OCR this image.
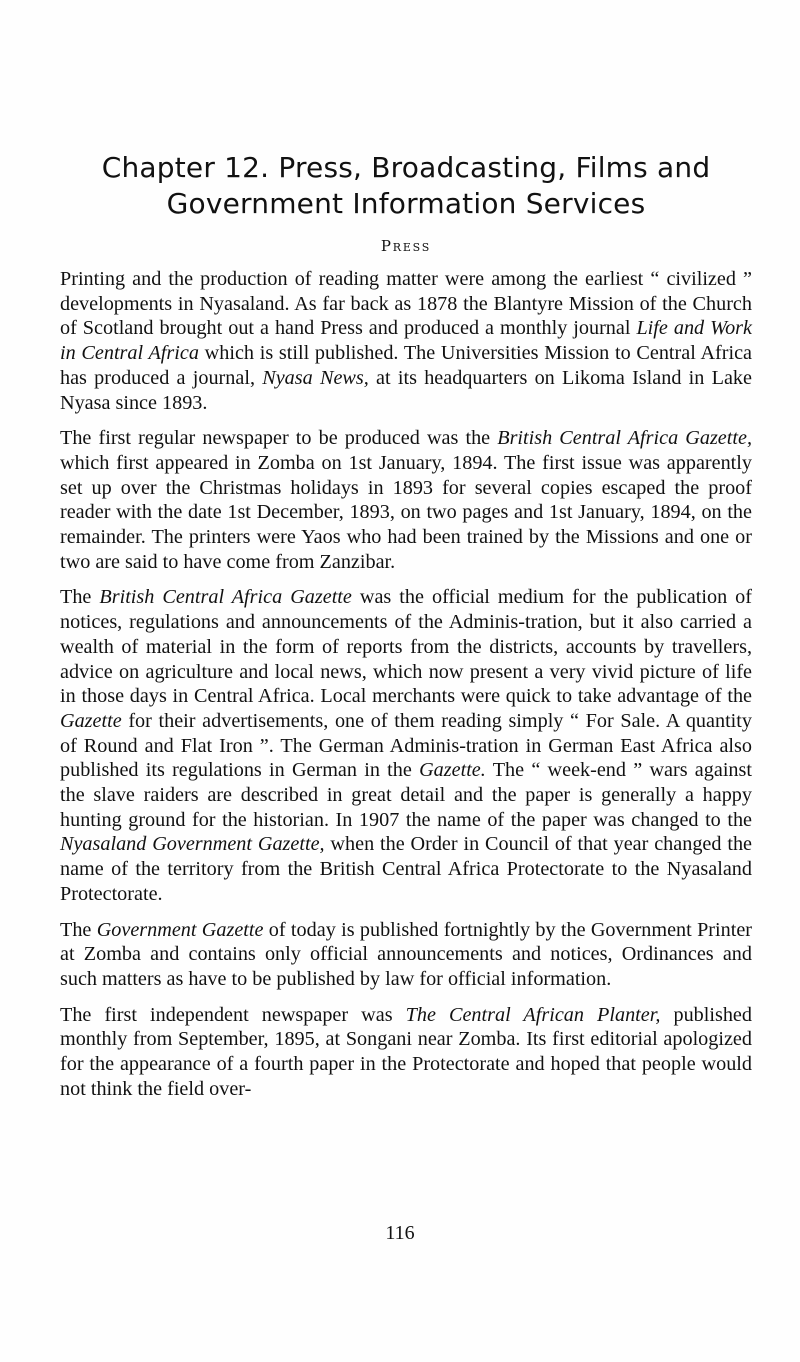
Chapter 12. Press, Broadcasting, Films and
Government Information Services
Press

Printing and the production of reading matter were among the earliest “ civilized ” developments in Nyasaland. As far back as 1878 the Blantyre Mission of the Church of Scotland brought out a hand Press and produced a monthly journal Life and Work in Central Africa which is still published. The Universities Mission to Central Africa has produced a journal, Nyasa News, at its headquarters on Likoma Island in Lake Nyasa since 1893.

The first regular newspaper to be produced was the British Central Africa Gazette, which first appeared in Zomba on 1st January, 1894. The first issue was apparently set up over the Christmas holidays in 1893 for several copies escaped the proof reader with the date 1st December, 1893, on two pages and 1st January, 1894, on the remainder. The printers were Yaos who had been trained by the Missions and one or two are said to have come from Zanzibar.

The British Central Africa Gazette was the official medium for the publication of notices, regulations and announcements of the Adminis-tration, but it also carried a wealth of material in the form of reports from the districts, accounts by travellers, advice on agriculture and local news, which now present a very vivid picture of life in those days in Central Africa. Local merchants were quick to take advantage of the Gazette for their advertisements, one of them reading simply “ For Sale. A quantity of Round and Flat Iron ”. The German Adminis-tration in German East Africa also published its regulations in German in the Gazette. The “ week-end ” wars against the slave raiders are described in great detail and the paper is generally a happy hunting ground for the historian. In 1907 the name of the paper was changed to the Nyasaland Government Gazette, when the Order in Council of that year changed the name of the territory from the British Central Africa Protectorate to the Nyasaland Protectorate.

The Government Gazette of today is published fortnightly by the Government Printer at Zomba and contains only official announcements and notices, Ordinances and such matters as have to be published by law for official information.

The first independent newspaper was The Central African Planter, published monthly from September, 1895, at Songani near Zomba. Its first editorial apologized for the appearance of a fourth paper in the Protectorate and hoped that people would not think the field over-

116
